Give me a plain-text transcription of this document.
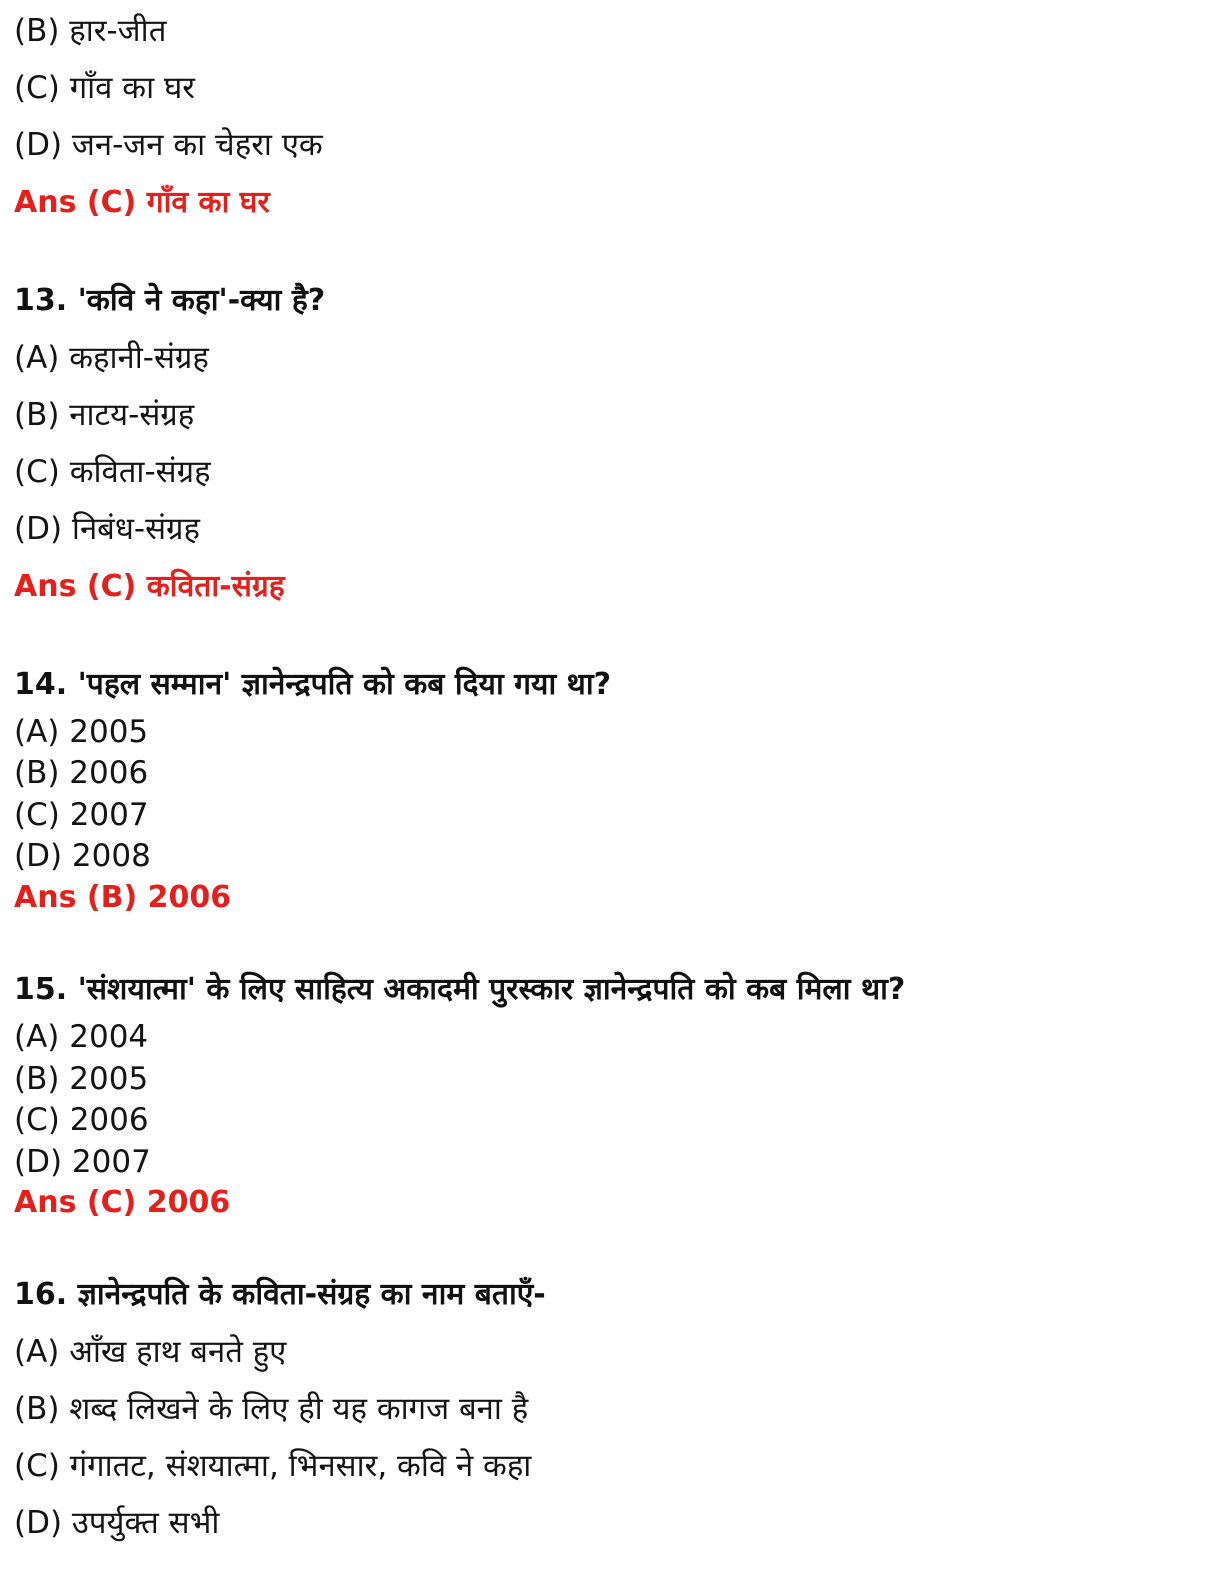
(B) हार-जीत
(C) गाँव का घर
(D) जन-जन का चेहरा एक
Ans (C) गाँव का घर
13. 'कवि ने कहा'-क्या है?
(A) कहानी-संग्रह
(B) नाटय-संग्रह
(C) कविता-संग्रह
(D) निबंध-संग्रह
Ans (C) कविता-संग्रह
14. 'पहल सम्मान' ज्ञानेन्द्रपति को कब दिया गया था?
(A) 2005
(B) 2006
(C) 2007
(D) 2008
Ans (B) 2006
15. 'संशयात्मा' के लिए साहित्य अकादमी पुरस्कार ज्ञानेन्द्रपति को कब मिला था?
(A) 2004
(B) 2005
(C) 2006
(D) 2007
Ans (C) 2006
16. ज्ञानेन्द्रपति के कविता-संग्रह का नाम बताएँ-
(A) आँख हाथ बनते हुए
(B) शब्द लिखने के लिए ही यह कागज बना है
(C) गंगातट, संशयात्मा, भिनसार, कवि ने कहा
(D) उपर्युक्त सभी
